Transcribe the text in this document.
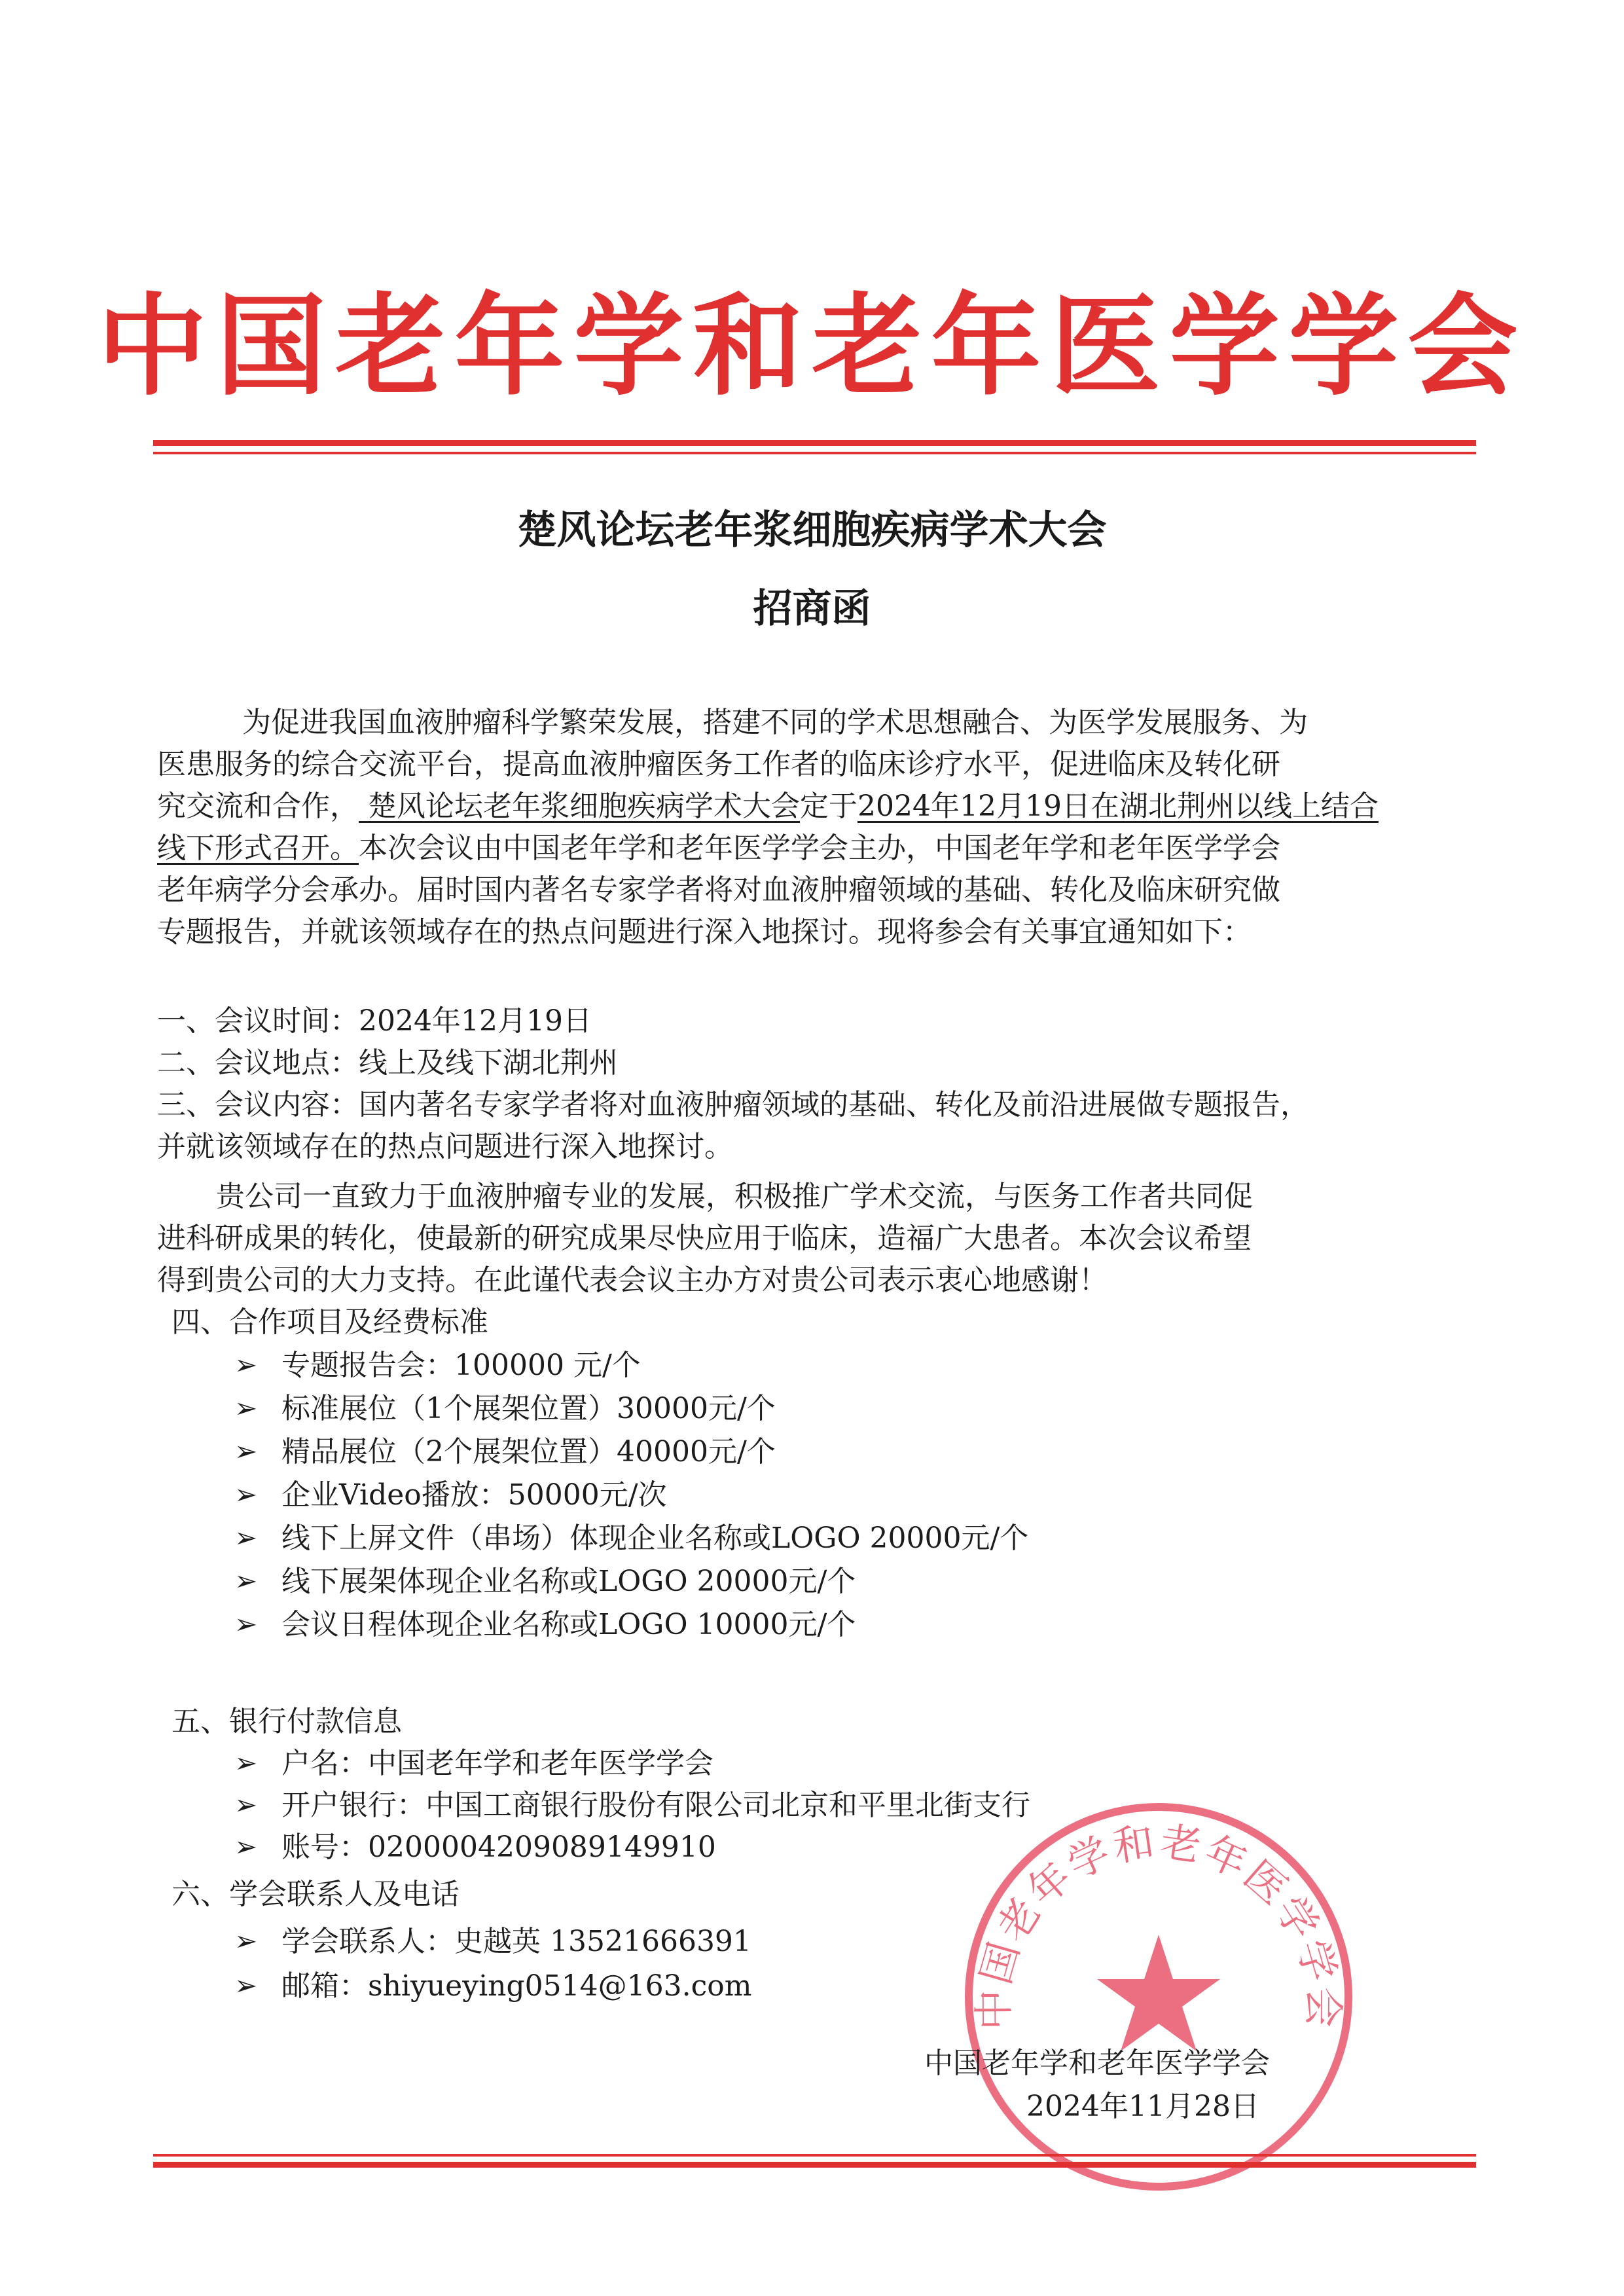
中国老年学和老年医学学会
楚风论坛老年浆细胞疾病学术大会
招商函
为促进我国血液肿瘤科学繁荣发展，搭建不同的学术思想融合、为医学发展服务、为
医患服务的综合交流平台，提高血液肿瘤医务工作者的临床诊疗水平，促进临床及转化研
究交流和合作， 楚风论坛老年浆细胞疾病学术大会定于2024年12月19日在湖北荆州以线上结合
线下形式召开。本次会议由中国老年学和老年医学学会主办，中国老年学和老年医学学会
老年病学分会承办。届时国内著名专家学者将对血液肿瘤领域的基础、转化及临床研究做
专题报告，并就该领域存在的热点问题进行深入地探讨。现将参会有关事宜通知如下：
一、会议时间：2024年12月19日
二、会议地点：线上及线下湖北荆州
三、会议内容：国内著名专家学者将对血液肿瘤领域的基础、转化及前沿进展做专题报告，
并就该领域存在的热点问题进行深入地探讨。
贵公司一直致力于血液肿瘤专业的发展，积极推广学术交流，与医务工作者共同促
进科研成果的转化，使最新的研究成果尽快应用于临床，造福广大患者。本次会议希望
得到贵公司的大力支持。在此谨代表会议主办方对贵公司表示衷心地感谢！
四、合作项目及经费标准
➢ 专题报告会：100000 元/个
➢ 标准展位（1个展架位置）30000元/个
➢ 精品展位（2个展架位置）40000元/个
➢ 企业Video播放：50000元/次
➢ 线下上屏文件（串场）体现企业名称或LOGO 20000元/个
➢ 线下展架体现企业名称或LOGO 20000元/个
➢ 会议日程体现企业名称或LOGO 10000元/个
五、银行付款信息
➢ 户名：中国老年学和老年医学学会
➢ 开户银行：中国工商银行股份有限公司北京和平里北街支行
➢ 账号：0200004209089149910
六、学会联系人及电话
➢ 学会联系人：史越英 13521666391
➢ 邮箱：shiyueying0514@163.com
中国老年学和老年医学学会
中国老年学和老年医学学会
2024年11月28日
